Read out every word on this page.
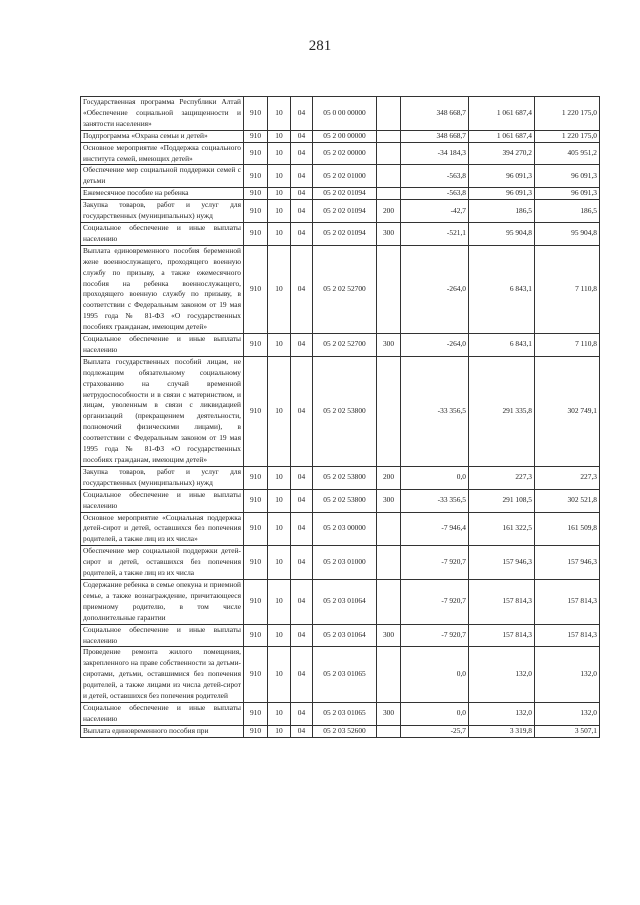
281
Государственная программа Республики Алтай «Обеспечение социальной защищенности и занятости населения»	910	10	04	05 0 00 00000		348 668,7	1 061 687,4	1 220 175,0
Подпрограмма «Охрана семьи и детей»	910	10	04	05 2 00 00000		348 668,7	1 061 687,4	1 220 175,0
Основное мероприятие «Поддержка социального института семей, имеющих детей»	910	10	04	05 2 02 00000		-34 184,3	394 270,2	405 951,2
Обеспечение мер социальной поддержки семей с детьми	910	10	04	05 2 02 01000		-563,8	96 091,3	96 091,3
Ежемесячное пособие на ребенка	910	10	04	05 2 02 01094		-563,8	96 091,3	96 091,3
Закупка товаров, работ и услуг для государственных (муниципальных) нужд	910	10	04	05 2 02 01094	200	-42,7	186,5	186,5
Социальное обеспечение и иные выплаты населению	910	10	04	05 2 02 01094	300	-521,1	95 904,8	95 904,8
Выплата единовременного пособия беременной жене военнослужащего, проходящего военную службу по призыву, а также ежемесячного пособия на ребенка военнослужащего, проходящего военную службу по призыву, в соответствии с Федеральным законом от 19 мая 1995 года № 81-ФЗ «О государственных пособиях гражданам, имеющим детей»	910	10	04	05 2 02 52700		-264,0	6 843,1	7 110,8
Социальное обеспечение и иные выплаты населению	910	10	04	05 2 02 52700	300	-264,0	6 843,1	7 110,8
Выплата государственных пособий лицам, не подлежащим обязательному социальному страхованию на случай временной нетрудоспособности и в связи с материнством, и лицам, уволенным в связи с ликвидацией организаций (прекращением деятельности, полномочий физическими лицами), в соответствии с Федеральным законом от 19 мая 1995 года № 81-ФЗ «О государственных пособиях гражданам, имеющим детей»	910	10	04	05 2 02 53800		-33 356,5	291 335,8	302 749,1
Закупка товаров, работ и услуг для государственных (муниципальных) нужд	910	10	04	05 2 02 53800	200	0,0	227,3	227,3
Социальное обеспечение и иные выплаты населению	910	10	04	05 2 02 53800	300	-33 356,5	291 108,5	302 521,8
Основное мероприятие «Социальная поддержка детей-сирот и детей, оставшихся без попечения родителей, а также лиц из их числа»	910	10	04	05 2 03 00000		-7 946,4	161 322,5	161 509,8
Обеспечение мер социальной поддержки детей-сирот и детей, оставшихся без попечения родителей, а также лиц из их числа	910	10	04	05 2 03 01000		-7 920,7	157 946,3	157 946,3
Содержание ребенка в семье опекуна и приемной семье, а также вознаграждение, причитающееся приемному родителю, в том числе дополнительные гарантии	910	10	04	05 2 03 01064		-7 920,7	157 814,3	157 814,3
Социальное обеспечение и иные выплаты населению	910	10	04	05 2 03 01064	300	-7 920,7	157 814,3	157 814,3
Проведение ремонта жилого помещения, закрепленного на праве собственности за детьми-сиротами, детьми, оставшимися без попечения родителей, а также лицами из числа детей-сирот и детей, оставшихся без попечения родителей	910	10	04	05 2 03 01065		0,0	132,0	132,0
Социальное обеспечение и иные выплаты населению	910	10	04	05 2 03 01065	300	0,0	132,0	132,0
Выплата единовременного пособия при	910	10	04	05 2 03 52600		-25,7	3 319,8	3 507,1
